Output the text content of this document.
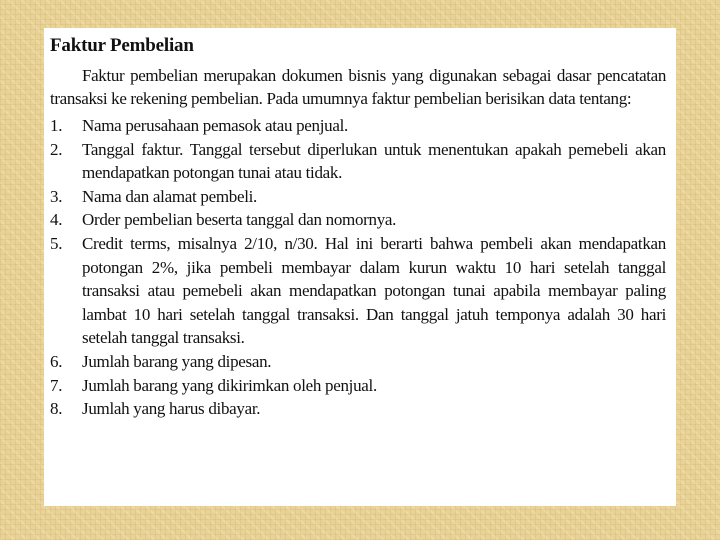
Faktur Pembelian

Faktur pembelian merupakan dokumen bisnis yang digunakan sebagai dasar pencatatan transaksi ke rekening pembelian. Pada umumnya faktur pembelian berisikan data tentang:

1.	Nama perusahaan pemasok atau penjual.
2.	Tanggal faktur. Tanggal tersebut diperlukan untuk menentukan apakah pemebeli akan mendapatkan potongan tunai atau tidak.
3.	Nama dan alamat pembeli.
4.	Order pembelian beserta tanggal dan nomornya.
5.	Credit terms, misalnya 2/10, n/30. Hal ini berarti bahwa pembeli akan mendapatkan potongan 2%, jika pembeli membayar dalam kurun waktu 10 hari setelah tanggal transaksi atau pemebeli akan mendapatkan potongan tunai apabila membayar paling lambat 10 hari setelah tanggal transaksi. Dan tanggal jatuh temponya adalah 30 hari setelah tanggal transaksi.
6.	Jumlah barang yang dipesan.
7.	Jumlah barang yang dikirimkan oleh penjual.
8.	Jumlah yang harus dibayar.
